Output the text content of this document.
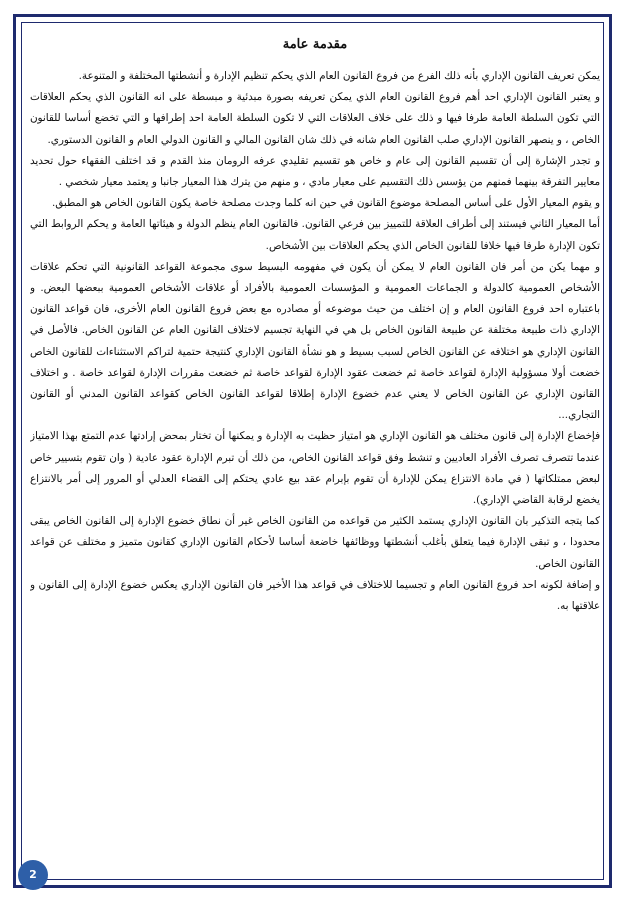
مقدمة عامة

يمكن تعريف القانون الإداري بأنه ذلك الفرع من فروع القانون العام الذي يحكم تنظيم الإدارة و أنشطتها المختلفة و المتنوعة.

و يعتبر القانون الإداري احد أهم فروع القانون العام الذي يمكن تعريفه بصورة مبدئية و مبسطة على انه القانون الذي يحكم العلاقات التي تكون السلطة العامة طرفا فيها و ذلك على خلاف العلاقات التي لا تكون السلطة العامة احد إطرافها و التي تخضع أساسا للقانون الخاص ، و ينصهر القانون الإداري صلب القانون العام شانه في ذلك شان القانون المالي و القانون الدولي العام و القانون الدستوري.

و تجدر الإشارة إلى أن تقسيم القانون إلى عام و خاص هو تقسيم تقليدي عرفه الرومان منذ القدم و قد اختلف الفقهاء حول تحديد معايير التفرقة بينهما فمنهم من يؤسس ذلك التقسيم على معيار مادي ، و منهم من يترك هذا المعيار جانبا و يعتمد معيار شخصي .

و يقوم المعيار الأول على أساس المصلحة موضوع القانون في حين انه كلما وجدت مصلحة خاصة يكون القانون الخاص هو المطبق.

أما المعيار الثاني فيستند إلى أطراف العلاقة للتمييز بين فرعي القانون. فالقانون العام ينظم الدولة و هيئاتها العامة و يحكم الروابط التي تكون الإدارة طرفا فيها خلافا للقانون الخاص الذي يحكم العلاقات بين الأشخاص.

و مهما يكن من أمر فان القانون العام لا يمكن أن يكون في مفهومه البسيط سوى مجموعة القواعد القانونية التي تحكم علاقات الأشخاص العمومية كالدولة و الجماعات العمومية و المؤسسات العمومية بالأفراد أو علاقات الأشخاص العمومية ببعضها البعض. و باعتباره احد فروع القانون العام و إن اختلف من حيث موضوعه أو مصادره مع بعض فروع القانون العام الأخرى، فان قواعد القانون الإداري ذات طبيعة مختلفة عن طبيعة القانون الخاص بل هي في النهاية تجسيم لاختلاف القانون العام عن القانون الخاص. فالأصل في القانون الإداري هو اختلافه عن القانون الخاص لسبب بسيط و هو نشأة القانون الإداري كنتيجة حتمية لتراكم الاستثناءات للقانون الخاص خضعت أولا مسؤولية الإدارة لقواعد خاصة ثم خضعت عقود الإدارة لقواعد خاصة ثم خضعت مقررات الإدارة لقواعد خاصة . و اختلاف القانون الإداري عن القانون الخاص لا يعني عدم خضوع الإدارة إطلاقا لقواعد القانون الخاص كقواعد القانون المدني أو القانون التجاري...

فإخضاع الإدارة إلى قانون مختلف هو القانون الإداري هو امتياز حظيت به الإدارة و يمكنها أن تختار بمحض إرادتها عدم التمتع بهذا الامتياز عندما تتصرف تصرف الأفراد العاديين و تنشط وفق قواعد القانون الخاص، من ذلك أن تبرم الإدارة عقود عادية ( وان تقوم بتسيير خاص لبعض ممتلكاتها ( في مادة الانتزاع يمكن للإدارة أن تقوم بإبرام عقد بيع عادي يحتكم إلى القضاء العدلي أو المرور إلى أمر بالانتزاع يخضع لرقابة القاضي الإداري).

كما يتجه التذكير بان القانون الإداري يستمد الكثير من قواعده من القانون الخاص غير أن نطاق خضوع الإدارة إلى القانون الخاص يبقى محدودا ، و تبقى الإدارة فيما يتعلق بأغلب أنشطتها ووظائفها خاضعة أساسا لأحكام القانون الإداري كقانون متميز و مختلف عن قواعد القانون الخاص.

و إضافة لكونه احد فروع القانون العام و تجسيما للاختلاف في قواعد هذا الأخير فان القانون الإداري يعكس خضوع الإدارة إلى القانون و علاقتها به.

2
